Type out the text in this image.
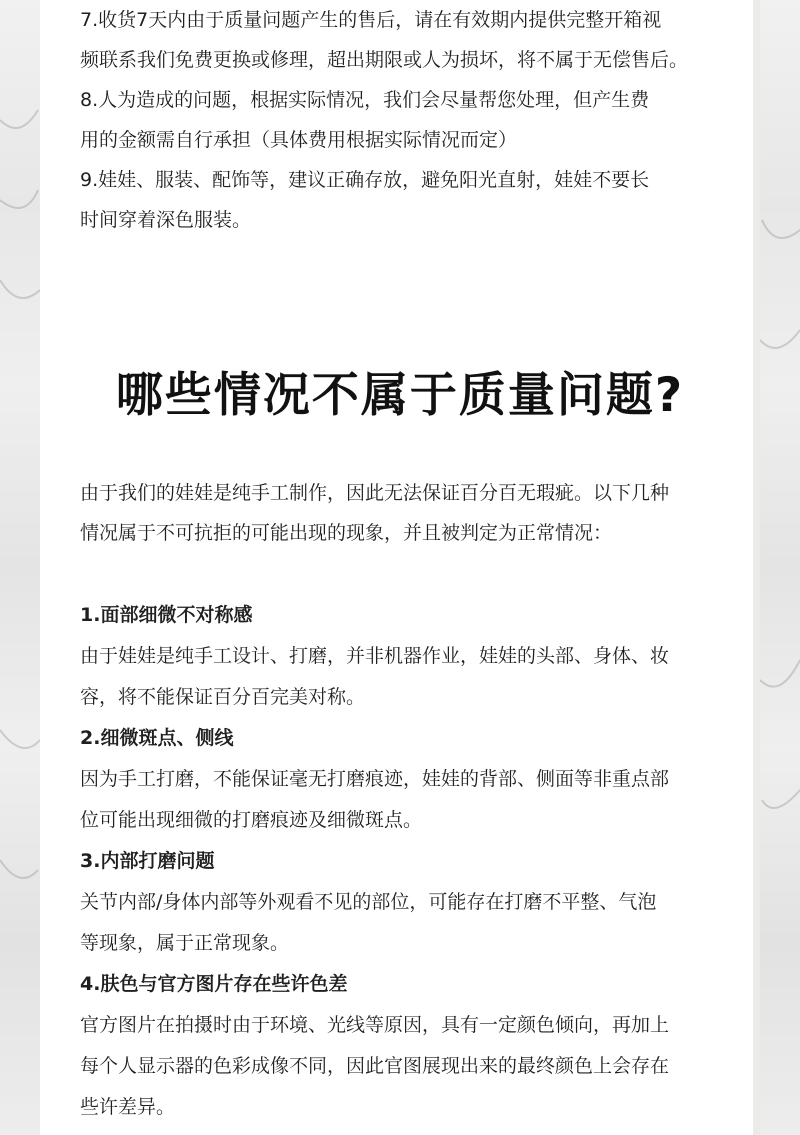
7.收货7天内由于质量问题产生的售后，请在有效期内提供完整开箱视

频联系我们免费更换或修理，超出期限或人为损坏，将不属于无偿售后。

8.人为造成的问题，根据实际情况，我们会尽量帮您处理，但产生费

用的金额需自行承担（具体费用根据实际情况而定）

9.娃娃、服装、配饰等，建议正确存放，避免阳光直射，娃娃不要长

时间穿着深色服装。

哪些情况不属于质量问题?

由于我们的娃娃是纯手工制作，因此无法保证百分百无瑕疵。以下几种

情况属于不可抗拒的可能出现的现象，并且被判定为正常情况：

1.面部细微不对称感

由于娃娃是纯手工设计、打磨，并非机器作业，娃娃的头部、身体、妆

容，将不能保证百分百完美对称。

2.细微斑点、侧线

因为手工打磨，不能保证毫无打磨痕迹，娃娃的背部、侧面等非重点部

位可能出现细微的打磨痕迹及细微斑点。

3.内部打磨问题

关节内部/身体内部等外观看不见的部位，可能存在打磨不平整、气泡

等现象，属于正常现象。

4.肤色与官方图片存在些许色差

官方图片在拍摄时由于环境、光线等原因，具有一定颜色倾向，再加上

每个人显示器的色彩成像不同，因此官图展现出来的最终颜色上会存在

些许差异。
